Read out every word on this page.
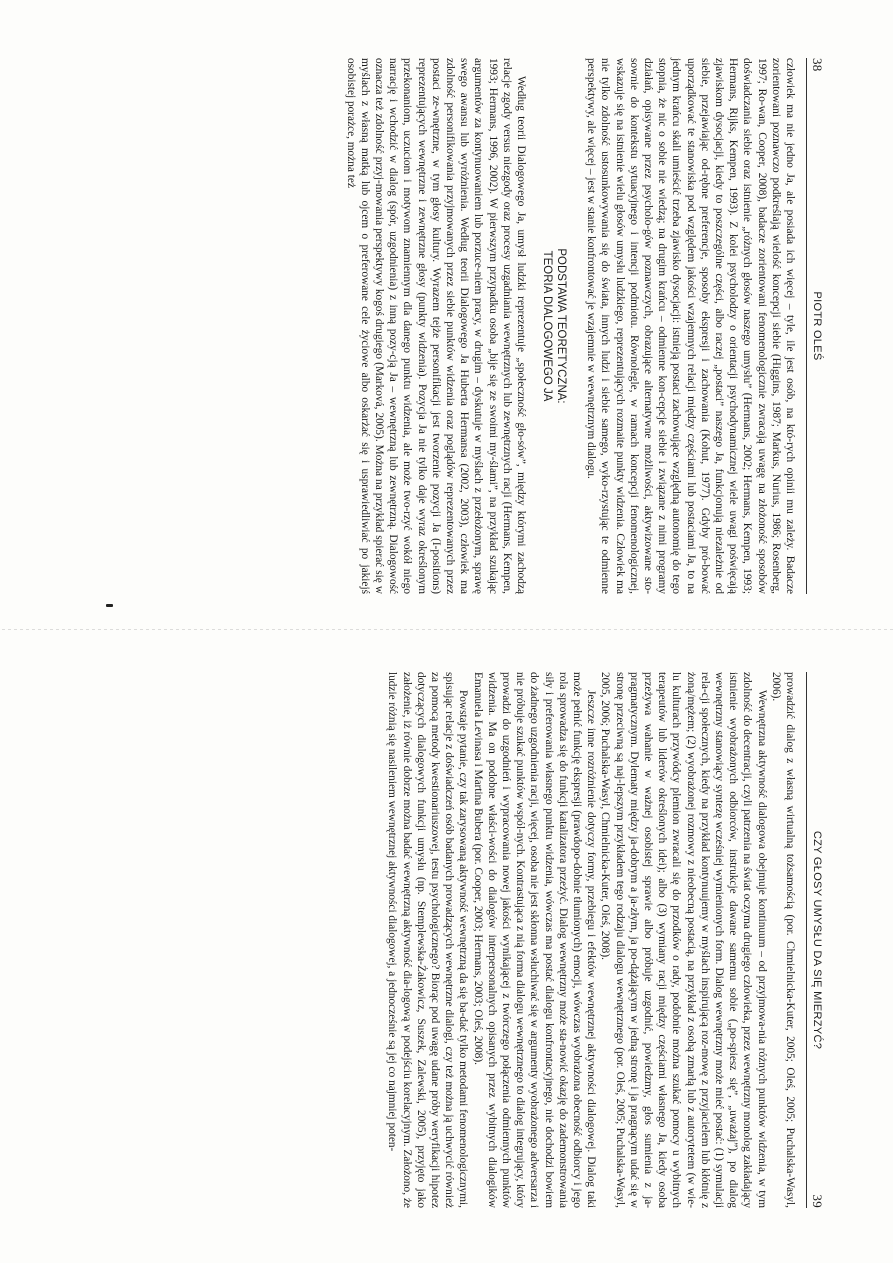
38
PIOTR OLEŚ

człowiek ma nie jedno Ja, ale posiada ich więcej – tyle, ile jest osób, na któ-rych opinii mu zależy. Badacze zorientowani poznawczo podkreślają wielość koncepcji siebie (Higgins, 1987; Markus, Nurius, 1986; Rosenberg, 1997; Ro-wan, Cooper, 2008), badacze zorientowani fenomenologicznie zwracają uwagę na złożoność sposobów doświadczania siebie oraz istnienie „różnych głosów naszego umysłu” (Hermans, 2002; Hermans, Kempen, 1993; Hermans, Rijks, Kempen, 1993). Z kolei psycholodzy o orientacji psychodynamicznej wiele uwagi poświęcają zjawiskom dysocjacji, kiedy to poszczególne części, albo raczej „postaci” naszego Ja, funkcjonują niezależnie od siebie, przejawiając od-rębne preferencje, sposoby ekspresji i zachowania (Kohut, 1977). Gdyby pró-bować uporządkować te stanowiska pod względem jakości wzajemnych relacji między częściami lub postaciami Ja, to na jednym krańcu skali umieścić trzeba zjawisko dysocjacji: istnieją postaci zachowujące względną autonomię do tego stopnia, że nic o sobie nie wiedzą; na drugim krańcu – odmienne kon-cepcje siebie i związane z nimi programy działań, opisywane przez psycholo-gów poznawczych, obrazujące alternatywne możliwości, aktywizowane sto-sownie do kontekstu sytuacyjnego i intencji podmiotu. Równolegle, w ramach koncepcji fenomenologicznej, wskazuje się na istnienie wielu głosów umysłu ludzkiego, reprezentujących rozmaite punkty widzenia. Człowiek ma nie tylko zdolność ustosunkowywania się do świata, innych ludzi i siebie samego, wyko-rzystując te odmienne perspektywy, ale więcej – jest w stanie konfrontować je wzajemnie w wewnętrznym dialogu.

PODSTAWA TEORETYCZNA:
TEORIA DIALOGOWEGO JA

Według teorii Dialogowego Ja, umysł ludzki reprezentuje „społeczność gło-sów”, między którymi zachodzą relacje zgody versus niezgody oraz procesy uzgadniania wewnętrznych lub zewnętrznych racji (Hermans, Kempen, 1993; Hermans, 1996, 2002). W pierwszym przypadku osoba „bije się ze swoimi my-ślami”, na przykład szukając argumentów za kontynuowaniem lub porzuce-niem pracy, w drugim – dyskutuje w myślach z przełożonym, sprawę swego awansu lub wyróżnienia. Według teorii Dialogowego Ja Huberta Hermansa (2002, 2003), człowiek ma zdolność personifikowania przyjmowanych przez siebie punktów widzenia oraz poglądów reprezentowanych przez postaci ze-wnętrzne, w tym głosy kultury. Wyrazem tejże personifikacji jest tworzenie pozycji Ja (I-positions) reprezentujących wewnętrzne i zewnętrzne głosy (punkty widzenia). Pozycja Ja nie tylko daje wyraz określonym przekonaniom, uczuciom i motywom znamiennym dla danego punktu widzenia, ale może two-rzyć wokół niego narrację i wchodzić w dialog (spór, uzgodnienia) z inną pozy-cją Ja – wewnętrzną lub zewnętrzną. Dialogowość oznacza też zdolność przyj-mowania perspektywy kogoś drugiego (Marková, 2005). Można na przykład spierać się w myślach z własną matką lub ojcem o preferowane cele życiowe albo oskarżać się i usprawiedliwiać po jakiejś osobistej porażce, można też

CZY GŁOSY UMYSŁU DA SIĘ MIERZYĆ?
39

prowadzić dialog z własną wirtualną tożsamością (por. Chmielnicka-Kuter, 2005; Oleś, 2005; Puchalska-Wasyl, 2006).

Wewnętrzna aktywność dialogowa obejmuje kontinuum – od przyjmowa-nia różnych punktów widzenia, w tym zdolność do decentracji, czyli patrzenia na świat oczyma drugiego człowieka, przez wewnętrzny monolog zakładający istnienie wyobrażonych odbiorców, instrukcje dawane samemu sobie („po-spiesz się”, „uważaj”), po dialog wewnętrzny stanowiący syntezę wcześniej wymienionych form. Dialog wewnętrzny może mieć postać: (1) symulacji rela-cji społecznych, kiedy na przykład kontynuujemy w myślach inspirującą roz-mowę z przyjacielem lub kłótnię z żoną/mężem; (2) wyobrażonej rozmowy z nieobecną postacią, na przykład z osobą zmarłą lub z autorytetem (w wie-lu kulturach przywódcy plemion zwracali się do przodków o rady, podobnie można szukać pomocy u wybitnych terapeutów lub liderów określonych idei); albo (3) wymiany racji między częściami własnego Ja, kiedy osoba przeżywa wahanie w ważnej osobistej sprawie albo próbuje uzgodnić, powiedzmy, głos sumienia z ja-pragmatycznym. Dylematy między ja-dobrym a ja-złym, ja po-dążającym w jedną stronę i ja pragnącym udać się w stronę przeciwną są naj-lepszym przykładem tego rodzaju dialogu wewnętrznego (por. Oleś, 2005; Puchalska-Wasyl, 2005, 2006; Puchalska-Wasyl, Chmielnicka-Kuter, Oleś, 2008).

Jeszcze inne rozróżnienie dotyczy formy, przebiegu i efektów wewnętrznej aktywności dialogowej. Dialog taki może pełnić funkcję ekspresji (prawdopo-dobnie tłumionych) emocji, wówczas wyobrażona obecność odbiorcy i jego rola sprowadza się do funkcji katalizatora przeżyć. Dialog wewnętrzny może sta-nowić okazję do zademonstrowania siły i preferowania własnego punktu widzenia, wówczas ma postać dialogu konfrontacyjnego, nie dochodzi bowiem do żadnego uzgodnienia racji, więcej, osoba nie jest skłonna wsłuchiwać się w argumenty wyobrażonego adwersarza i nie próbuje szukać punktów wspól-nych. Kontrastująca z nią forma dialogu wewnętrznego to dialog integrujący, który prowadzi do uzgodnień i wypracowania nowej jakości wynikającej z twórczego połączenia odmiennych punktów widzenia. Ma on podobne właści-wości do dialogów interpersonalnych opisanych przez wybitnych dialogików Emanuela Levinasa i Martina Bubera (por. Cooper, 2003; Hermans, 2003; Oleś, 2008).

Powstaje pytanie, czy tak zarysowaną aktywność wewnętrzną da się ba-dać tylko metodami fenomenologicznymi, spisując relacje z doświadczeń osób badanych prowadzących wewnętrzne dialogi, czy też można ją uchwycić również za pomocą metody kwestionariuszowej, testu psychologicznego? Biorąc pod uwagę udane próby weryfikacji hipotez dotyczących dialogowych funkcji umysłu (np. Stemplewska-Żakowicz, Suszek, Zalewski, 2005), przyjęto jako założenie, iż równie dobrze można badać wewnętrzną aktywność dia-logową w podejściu korelacyjnym. Założono, że ludzie różnią się nasileniem wewnętrznej aktywności dialogowej, a jednocześnie są jej co najmniej poten-
